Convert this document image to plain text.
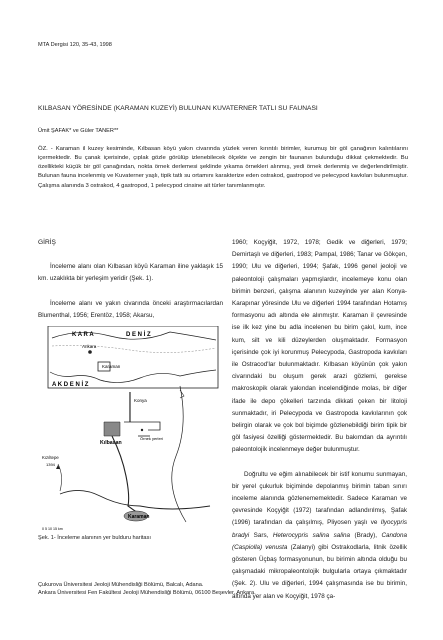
MTA Dergisi 120, 35-43, 1998
KILBASAN YÖRESİNDE (KARAMAN KUZEYİ) BULUNAN KUVATERNER TATLI SU FAUNASI
Ümit ŞAFAK* ve Güler TANER**
ÖZ. - Karaman il kuzey kesiminde, Kılbasan köyü yakın civarında yüzlek veren kırıntılı birimler, kurumuş bir göl çanağının kalıntılarını içermektedir. Bu çanak içerisinde, çıplak gözle görülüp izlenebilecek ölçekte ve zengin bir faunanın bulunduğu dikkat çekmektedir. Bu özellikteki küçük bir göl çanağından, nokta örnek derlemesi şeklinde yıkama örnekleri alınmış, yedi örnek derlenmiş ve değerlendirilmiştir. Bulunan fauna incelenmiş ve Kuvaterner yaşlı, tipik tatlı su ortamını karakterize eden ostrakod, gastropod ve pelecypod kavkıları bulunmuştur. Çalışma alanında 3 ostrakod, 4 gastropod, 1 pelecypod cinsine ait türler tanımlanmıştır.
GİRİŞ

İnceleme alanı olan Kılbasan köyü Karaman iline yaklaşık 15 km. uzaklıkta bir yerleşim yeridir (Şek. 1).

İnceleme alanı ve yakın civarında önceki araştırmacılardan Blumenthal, 1956; Erentöz, 1958; Akarsu,

K A R A	D E N İ Z
Ankara
Karaman
A K D E N İ Z
Konya
Kılbasan
Örnek yerleri
Kızıltepe
1394
Karaman
0 5 10 15 km
Şek. 1- İnceleme alanının yer bulduru haritası

1960; Koçyiğit, 1972, 1978; Gedik ve diğerleri, 1979; Demirtaşlı ve diğerleri, 1983; Pampal, 1986; Tanar ve Gökçen, 1990; Ulu ve diğerleri, 1994; Şafak, 1996 genel jeoloji ve paleontoloji çalışmaları yapmışlardır, incelemeye konu olan birimin benzeri, çalışma alanının kuzeyinde yer alan Konya-Karapınar yöresinde Ulu ve diğerleri 1994 tarafından Hotamış formasyonu adı altında ele alınmıştır. Karaman il çevresinde ise ilk kez yine bu adla incelenen bu birim çakıl, kum, ince kum, silt ve kili düzeylerden oluşmaktadır. Formasyon içerisinde çok iyi korunmuş Pelecypoda, Gastropoda kavkıları ile Ostracod'lar bulunmaktadır. Kılbasan köyünün çok yakın civarındaki bu oluşum gerek arazi gözlemi, gerekse makroskopik olarak yakından incelendiğinde molas, bir diğer ifade ile depo çökelleri tarzında dikkati çeken bir litoloji sunmaktadır, iri Pelecypoda ve Gastropoda kavkılarının çok belirgin olarak ve çok bol biçimde gözlenebildiği birim tipik bir göl fasiyesi özelliği göstermektedir. Bu bakımdan da ayrıntılı paleontolojik incelenmeye değer bulunmuştur.

Doğrultu ve eğim alınabilecek bir istif konumu sunmayan, bir yerel çukurluk biçiminde depolanmış birimin taban sınırı inceleme alanında gözlenememektedir. Sadece Karaman ve çevresinde Koçyiğit (1972) tarafından adlandırılmış, Şafak (1996) tarafından da çalışılmış, Pliyosen yaşlı ve Ilyocypris bradyi Sars, Heterocypris salina salina (Brady), Candona (Caspiolla) venusta (Zalanyi) gibi Ostrakodlarla, litnik özellik gösteren Üçbaş formasyonunun, bu birimin altında olduğu bu çalışmadaki mikropaleontolojik bulgularla ortaya çıkmaktadır (Şek. 2). Ulu ve diğerleri, 1994 çalışmasında ise bu birimin, altında yer alan ve Koçyiğit, 1978 ça-

Çukurova Üniversitesi Jeoloji Mühendisliği Bölümü, Balcalı, Adana.
Ankara Üniversitesi Fen Fakültesi Jeoloji Mühendisliği Bölümü, 06100 Beşevler, Ankara.
